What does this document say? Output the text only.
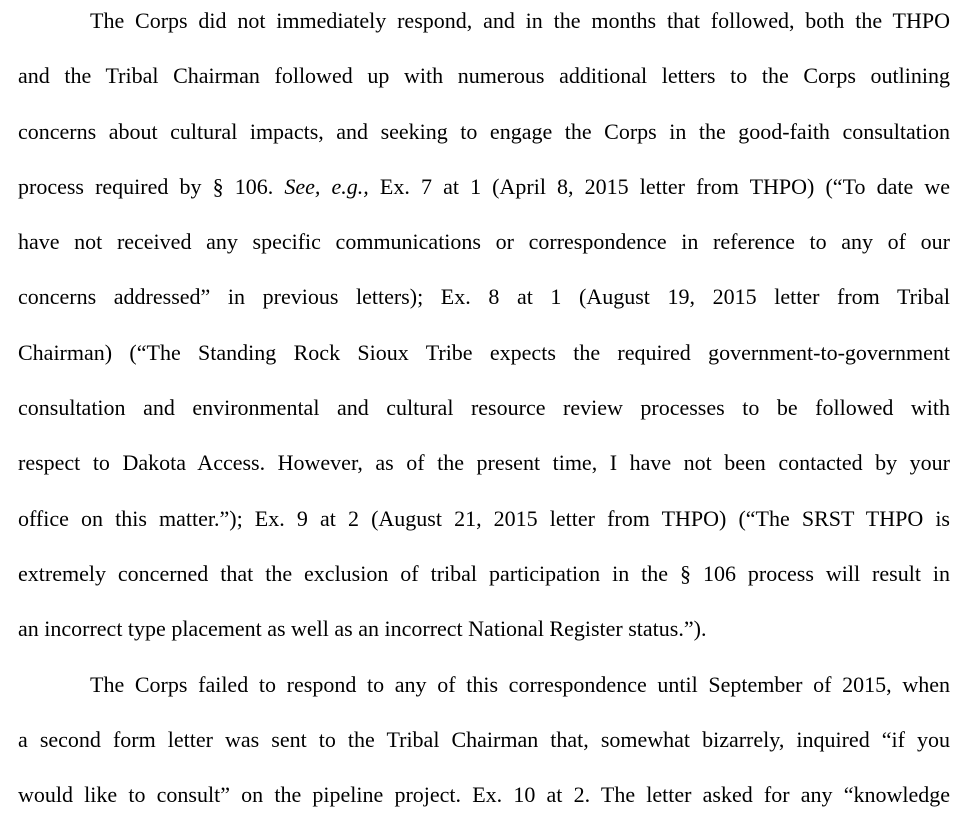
The Corps did not immediately respond, and in the months that followed, both the THPO
and the Tribal Chairman followed up with numerous additional letters to the Corps outlining
concerns about cultural impacts, and seeking to engage the Corps in the good-faith consultation
process required by § 106. See, e.g., Ex. 7 at 1 (April 8, 2015 letter from THPO) (“To date we
have not received any specific communications or correspondence in reference to any of our
concerns addressed” in previous letters); Ex. 8 at 1 (August 19, 2015 letter from Tribal
Chairman) (“The Standing Rock Sioux Tribe expects the required government-to-government
consultation and environmental and cultural resource review processes to be followed with
respect to Dakota Access. However, as of the present time, I have not been contacted by your
office on this matter.”); Ex. 9 at 2 (August 21, 2015 letter from THPO) (“The SRST THPO is
extremely concerned that the exclusion of tribal participation in the § 106 process will result in
an incorrect type placement as well as an incorrect National Register status.”).
The Corps failed to respond to any of this correspondence until September of 2015, when
a second form letter was sent to the Tribal Chairman that, somewhat bizarrely, inquired “if you
would like to consult” on the pipeline project. Ex. 10 at 2. The letter asked for any “knowledge
